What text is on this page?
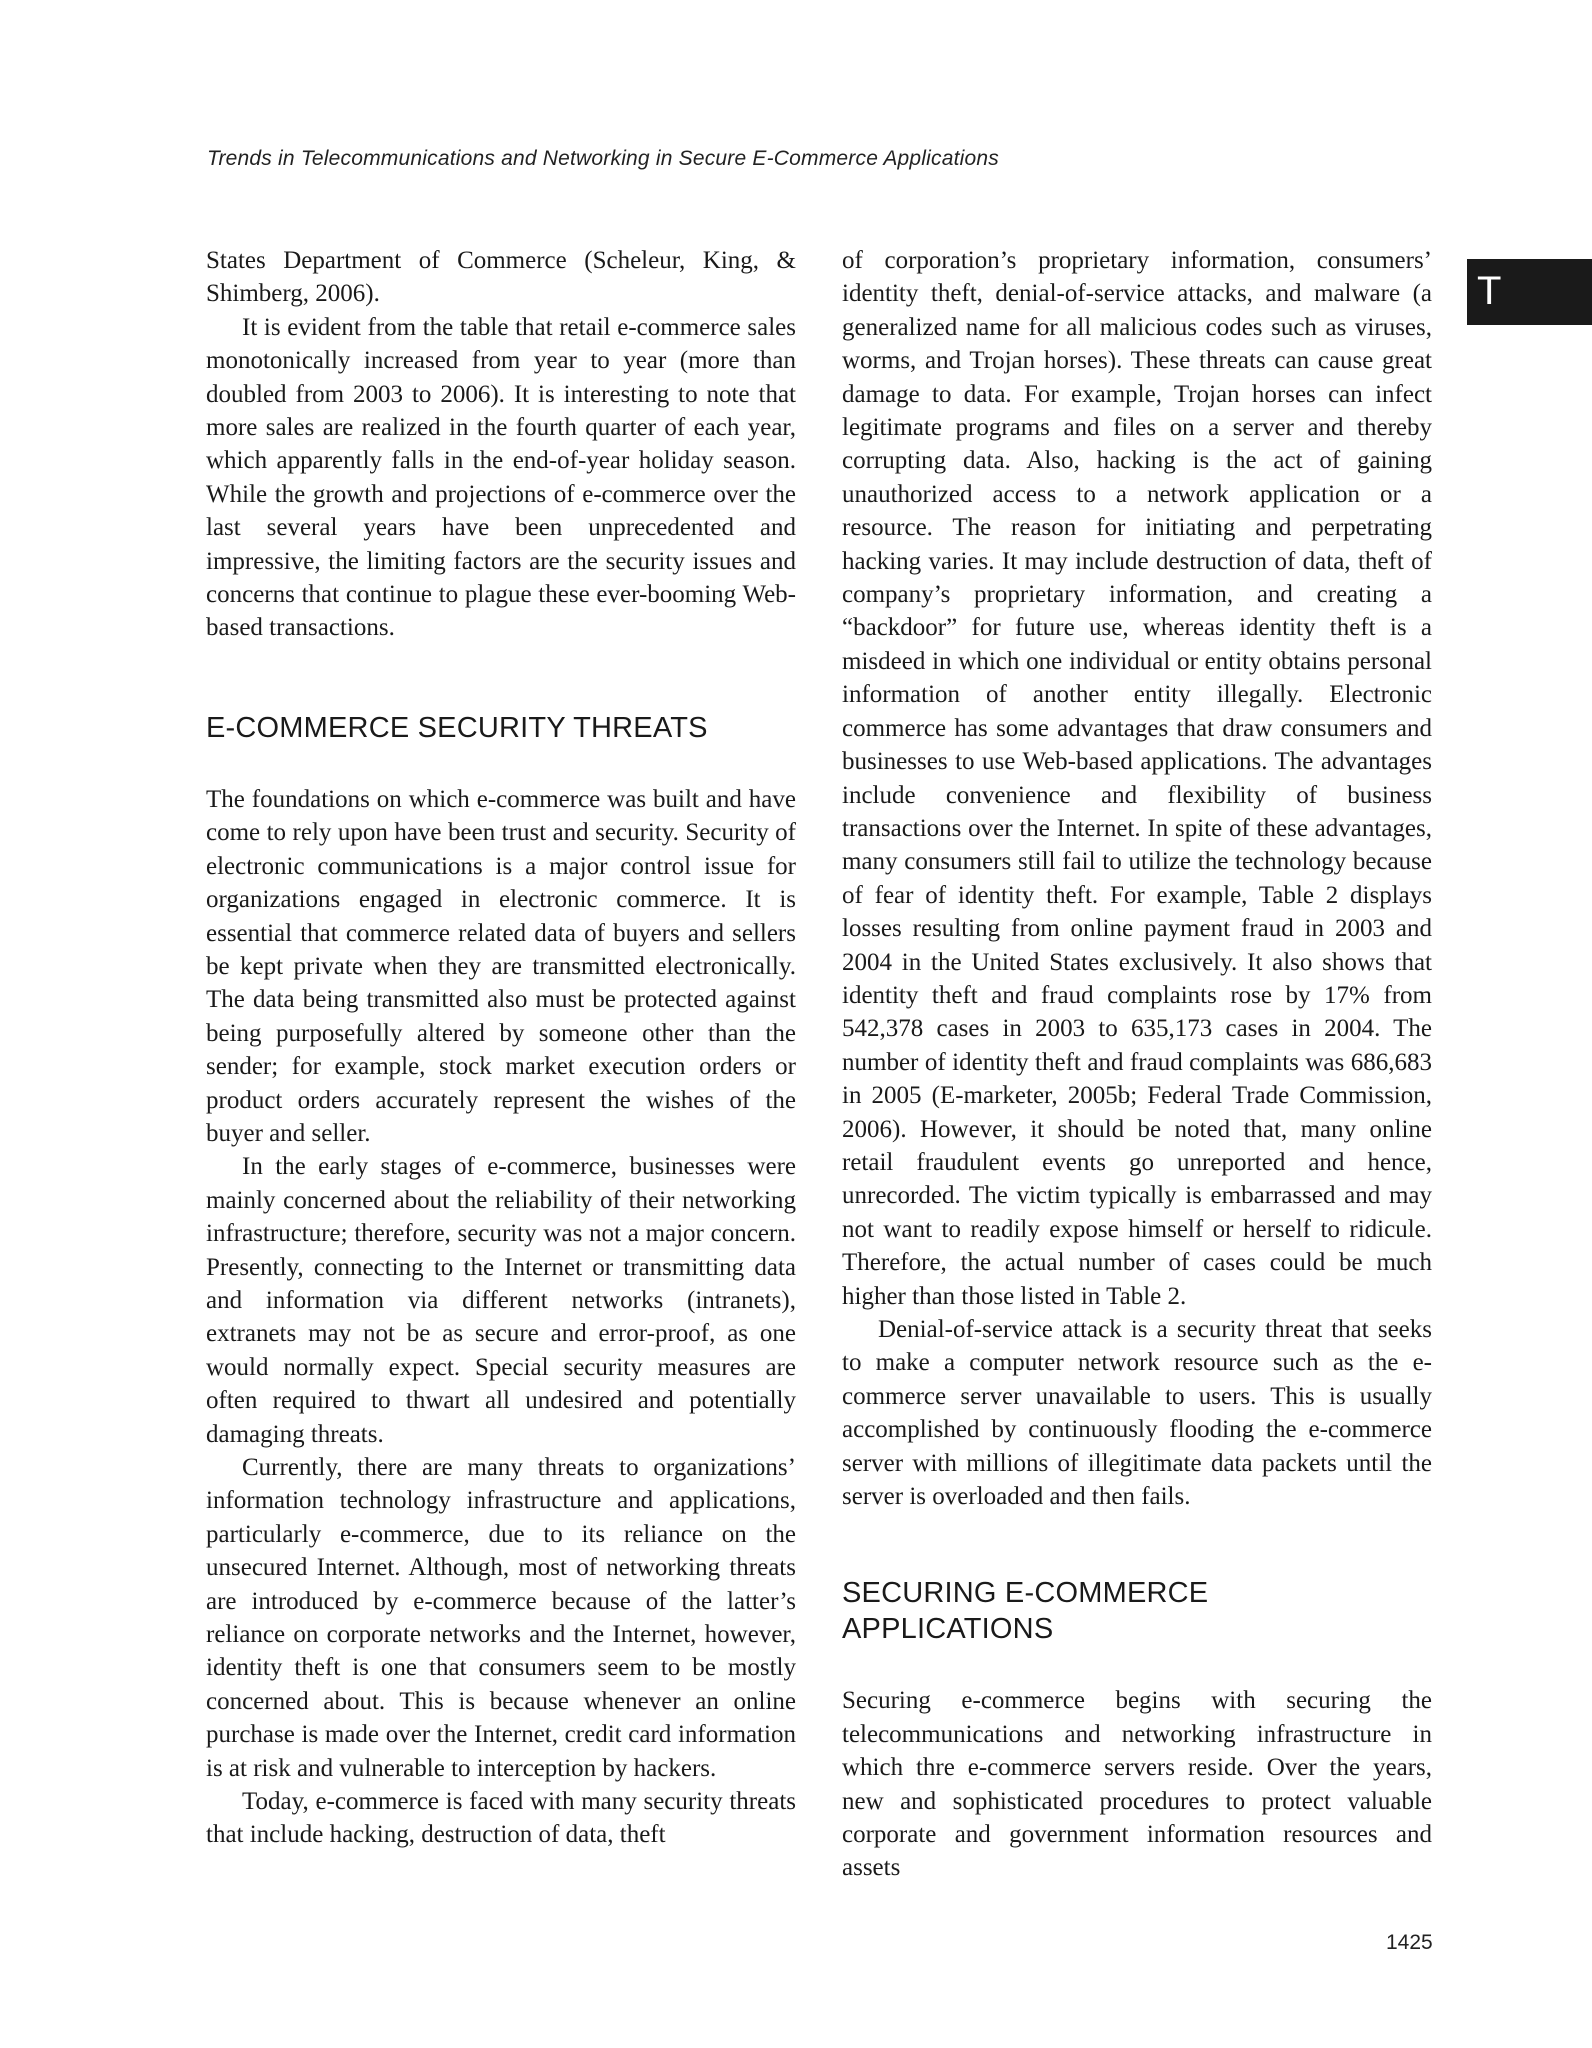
Trends in Telecommunications and Networking in Secure E-Commerce Applications
T

States Department of Commerce (Scheleur, King, & Shimberg, 2006).

It is evident from the table that retail e-commerce sales monotonically increased from year to year (more than doubled from 2003 to 2006). It is interesting to note that more sales are realized in the fourth quarter of each year, which apparently falls in the end-of-year holiday season. While the growth and projections of e-commerce over the last several years have been unprecedented and impressive, the limiting factors are the security issues and concerns that continue to plague these ever-booming Web-based transactions.

E-COMMERCE SECURITY THREATS

The foundations on which e-commerce was built and have come to rely upon have been trust and security. Security of electronic communications is a major control issue for organizations engaged in electronic commerce. It is essential that commerce related data of buyers and sellers be kept private when they are transmitted electronically. The data being transmitted also must be protected against being purposefully altered by someone other than the sender; for example, stock market execution orders or product orders accurately represent the wishes of the buyer and seller.

In the early stages of e-commerce, businesses were mainly concerned about the reliability of their networking infrastructure; therefore, security was not a major concern. Presently, connecting to the Internet or transmitting data and information via different networks (intranets), extranets may not be as secure and error-proof, as one would normally expect. Special security measures are often required to thwart all undesired and potentially damaging threats.

Currently, there are many threats to organizations’ information technology infrastructure and applications, particularly e-commerce, due to its reliance on the unsecured Internet. Although, most of networking threats are introduced by e-commerce because of the latter’s reliance on corporate networks and the Internet, however, identity theft is one that consumers seem to be mostly concerned about. This is because whenever an online purchase is made over the Internet, credit card information is at risk and vulnerable to interception by hackers.

Today, e-commerce is faced with many security threats that include hacking, destruction of data, theft

of corporation’s proprietary information, consumers’ identity theft, denial-of-service attacks, and malware (a generalized name for all malicious codes such as viruses, worms, and Trojan horses). These threats can cause great damage to data. For example, Trojan horses can infect legitimate programs and files on a server and thereby corrupting data. Also, hacking is the act of gaining unauthorized access to a network application or a resource. The reason for initiating and perpetrating hacking varies. It may include destruction of data, theft of company’s proprietary information, and creating a “backdoor” for future use, whereas identity theft is a misdeed in which one individual or entity obtains personal information of another entity illegally. Electronic commerce has some advantages that draw consumers and businesses to use Web-based applications. The advantages include convenience and flexibility of business transactions over the Internet. In spite of these advantages, many consumers still fail to utilize the technology because of fear of identity theft. For example, Table 2 displays losses resulting from online payment fraud in 2003 and 2004 in the United States exclusively. It also shows that identity theft and fraud complaints rose by 17% from 542,378 cases in 2003 to 635,173 cases in 2004. The number of identity theft and fraud complaints was 686,683 in 2005 (E-marketer, 2005b; Federal Trade Commission, 2006). However, it should be noted that, many online retail fraudulent events go unreported and hence, unrecorded. The victim typically is embarrassed and may not want to readily expose himself or herself to ridicule. Therefore, the actual number of cases could be much higher than those listed in Table 2.

Denial-of-service attack is a security threat that seeks to make a computer network resource such as the e-commerce server unavailable to users. This is usually accomplished by continuously flooding the e-commerce server with millions of illegitimate data packets until the server is overloaded and then fails.

SECURING E-COMMERCE APPLICATIONS

Securing e-commerce begins with securing the telecommunications and networking infrastructure in which thre e-commerce servers reside. Over the years, new and sophisticated procedures to protect valuable corporate and government information resources and assets

1425
